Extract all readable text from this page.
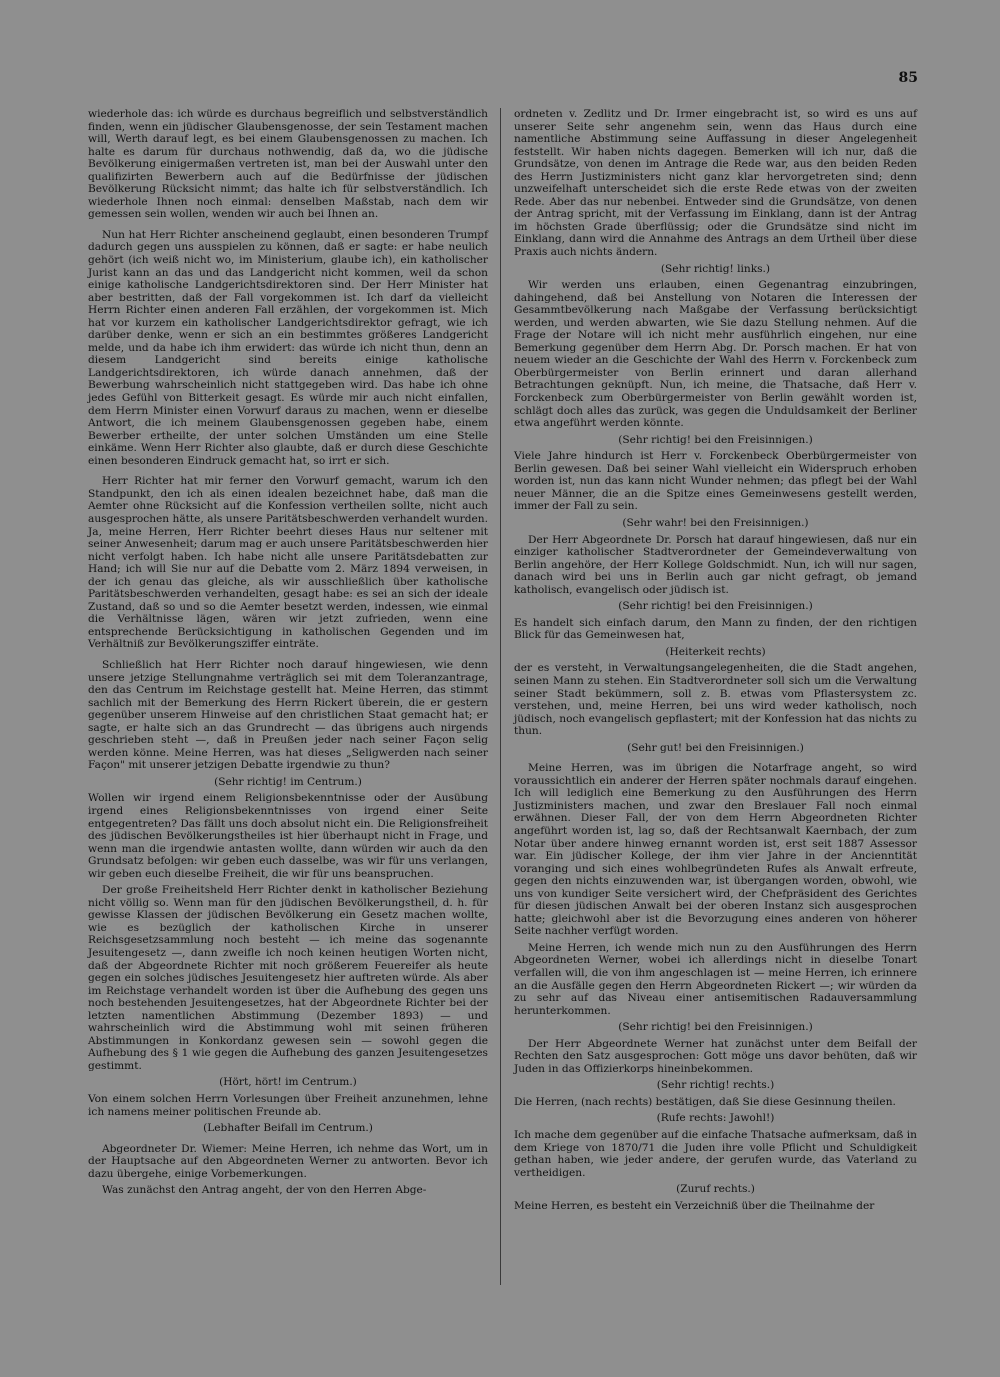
85

wiederhole das: ich würde es durchaus begreiflich und selbstverständlich finden, wenn ein jüdischer Glaubensgenosse, der sein Testament machen will, Werth darauf legt, es bei einem Glaubensgenossen zu machen. Ich halte es darum für durchaus nothwendig, daß da, wo die jüdische Bevölkerung einigermaßen vertreten ist, man bei der Auswahl unter den qualifizirten Bewerbern auch auf die Bedürfnisse der jüdischen Bevölkerung Rücksicht nimmt; das halte ich für selbstverständlich. Ich wiederhole Ihnen noch einmal: denselben Maßstab, nach dem wir gemessen sein wollen, wenden wir auch bei Ihnen an.

Nun hat Herr Richter anscheinend geglaubt, einen besonderen Trumpf dadurch gegen uns ausspielen zu können, daß er sagte: er habe neulich gehört (ich weiß nicht wo, im Ministerium, glaube ich), ein katholischer Jurist kann an das und das Landgericht nicht kommen, weil da schon einige katholische Landgerichtsdirektoren sind. Der Herr Minister hat aber bestritten, daß der Fall vorgekommen ist. Ich darf da vielleicht Herrn Richter einen anderen Fall erzählen, der vorgekommen ist. Mich hat vor kurzem ein katholischer Landgerichtsdirektor gefragt, wie ich darüber denke, wenn er sich an ein bestimmtes größeres Landgericht melde, und da habe ich ihm erwidert: das würde ich nicht thun, denn an diesem Landgericht sind bereits einige katholische Landgerichtsdirektoren, ich würde danach annehmen, daß der Bewerbung wahrscheinlich nicht stattgegeben wird. Das habe ich ohne jedes Gefühl von Bitterkeit gesagt. Es würde mir auch nicht einfallen, dem Herrn Minister einen Vorwurf daraus zu machen, wenn er dieselbe Antwort, die ich meinem Glaubensgenossen gegeben habe, einem Bewerber ertheilte, der unter solchen Umständen um eine Stelle einkäme. Wenn Herr Richter also glaubte, daß er durch diese Geschichte einen besonderen Eindruck gemacht hat, so irrt er sich.

Herr Richter hat mir ferner den Vorwurf gemacht, warum ich den Standpunkt, den ich als einen idealen bezeichnet habe, daß man die Aemter ohne Rücksicht auf die Konfession vertheilen sollte, nicht auch ausgesprochen hätte, als unsere Paritätsbeschwerden verhandelt wurden. Ja, meine Herren, Herr Richter beehrt dieses Haus nur seltener mit seiner Anwesenheit; darum mag er auch unsere Paritätsbeschwerden hier nicht verfolgt haben. Ich habe nicht alle unsere Paritätsdebatten zur Hand; ich will Sie nur auf die Debatte vom 2. März 1894 verweisen, in der ich genau das gleiche, als wir ausschließlich über katholische Paritätsbeschwerden verhandelten, gesagt habe: es sei an sich der ideale Zustand, daß so und so die Aemter besetzt werden, indessen, wie einmal die Verhältnisse lägen, wären wir jetzt zufrieden, wenn eine entsprechende Berücksichtigung in katholischen Gegenden und im Verhältniß zur Bevölkerungsziffer einträte.

Schließlich hat Herr Richter noch darauf hingewiesen, wie denn unsere jetzige Stellungnahme verträglich sei mit dem Toleranzantrage, den das Centrum im Reichstage gestellt hat. Meine Herren, das stimmt sachlich mit der Bemerkung des Herrn Rickert überein, die er gestern gegenüber unserem Hinweise auf den christlichen Staat gemacht hat; er sagte, er halte sich an das Grundrecht — das übrigens auch nirgends geschrieben steht —, daß in Preußen jeder nach seiner Façon selig werden könne. Meine Herren, was hat dieses „Seligwerden nach seiner Façon" mit unserer jetzigen Debatte irgendwie zu thun?

(Sehr richtig! im Centrum.)

Wollen wir irgend einem Religionsbekenntnisse oder der Ausübung irgend eines Religionsbekenntnisses von irgend einer Seite entgegentreten? Das fällt uns doch absolut nicht ein. Die Religionsfreiheit des jüdischen Bevölkerungstheiles ist hier überhaupt nicht in Frage, und wenn man die irgendwie antasten wollte, dann würden wir auch da den Grundsatz befolgen: wir geben euch dasselbe, was wir für uns verlangen, wir geben euch dieselbe Freiheit, die wir für uns beanspruchen.

Der große Freiheitsheld Herr Richter denkt in katholischer Beziehung nicht völlig so. Wenn man für den jüdischen Bevölkerungstheil, d. h. für gewisse Klassen der jüdischen Bevölkerung ein Gesetz machen wollte, wie es bezüglich der katholischen Kirche in unserer Reichsgesetzsammlung noch besteht — ich meine das sogenannte Jesuitengesetz —, dann zweifle ich noch keinen heutigen Worten nicht, daß der Abgeordnete Richter mit noch größerem Feuereifer als heute gegen ein solches jüdisches Jesuitengesetz hier auftreten würde. Als aber im Reichstage verhandelt worden ist über die Aufhebung des gegen uns noch bestehenden Jesuitengesetzes, hat der Abgeordnete Richter bei der letzten namentlichen Abstimmung (Dezember 1893) — und wahrscheinlich wird die Abstimmung wohl mit seinen früheren Abstimmungen in Konkordanz gewesen sein — sowohl gegen die Aufhebung des § 1 wie gegen die Aufhebung des ganzen Jesuitengesetzes gestimmt.

(Hört, hört! im Centrum.)

Von einem solchen Herrn Vorlesungen über Freiheit anzunehmen, lehne ich namens meiner politischen Freunde ab.

(Lebhafter Beifall im Centrum.)

Abgeordneter Dr. Wiemer: Meine Herren, ich nehme das Wort, um in der Hauptsache auf den Abgeordneten Werner zu antworten. Bevor ich dazu übergehe, einige Vorbemerkungen.

Was zunächst den Antrag angeht, der von den Herren Abge-

ordneten v. Zedlitz und Dr. Irmer eingebracht ist, so wird es uns auf unserer Seite sehr angenehm sein, wenn das Haus durch eine namentliche Abstimmung seine Auffassung in dieser Angelegenheit feststellt. Wir haben nichts dagegen. Bemerken will ich nur, daß die Grundsätze, von denen im Antrage die Rede war, aus den beiden Reden des Herrn Justizministers nicht ganz klar hervorgetreten sind; denn unzweifelhaft unterscheidet sich die erste Rede etwas von der zweiten Rede. Aber das nur nebenbei. Entweder sind die Grundsätze, von denen der Antrag spricht, mit der Verfassung im Einklang, dann ist der Antrag im höchsten Grade überflüssig; oder die Grundsätze sind nicht im Einklang, dann wird die Annahme des Antrags an dem Urtheil über diese Praxis auch nichts ändern.

(Sehr richtig! links.)

Wir werden uns erlauben, einen Gegenantrag einzubringen, dahingehend, daß bei Anstellung von Notaren die Interessen der Gesammtbevölkerung nach Maßgabe der Verfassung berücksichtigt werden, und werden abwarten, wie Sie dazu Stellung nehmen. Auf die Frage der Notare will ich nicht mehr ausführlich eingehen, nur eine Bemerkung gegenüber dem Herrn Abg. Dr. Porsch machen. Er hat von neuem wieder an die Geschichte der Wahl des Herrn v. Forckenbeck zum Oberbürgermeister von Berlin erinnert und daran allerhand Betrachtungen geknüpft. Nun, ich meine, die Thatsache, daß Herr v. Forckenbeck zum Oberbürgermeister von Berlin gewählt worden ist, schlägt doch alles das zurück, was gegen die Unduldsamkeit der Berliner etwa angeführt werden könnte.

(Sehr richtig! bei den Freisinnigen.)

Viele Jahre hindurch ist Herr v. Forckenbeck Oberbürgermeister von Berlin gewesen. Daß bei seiner Wahl vielleicht ein Widerspruch erhoben worden ist, nun das kann nicht Wunder nehmen; das pflegt bei der Wahl neuer Männer, die an die Spitze eines Gemeinwesens gestellt werden, immer der Fall zu sein.

(Sehr wahr! bei den Freisinnigen.)

Der Herr Abgeordnete Dr. Porsch hat darauf hingewiesen, daß nur ein einziger katholischer Stadtverordneter der Gemeindeverwaltung von Berlin angehöre, der Herr Kollege Goldschmidt. Nun, ich will nur sagen, danach wird bei uns in Berlin auch gar nicht gefragt, ob jemand katholisch, evangelisch oder jüdisch ist.

(Sehr richtig! bei den Freisinnigen.)

Es handelt sich einfach darum, den Mann zu finden, der den richtigen Blick für das Gemeinwesen hat,

(Heiterkeit rechts)

der es versteht, in Verwaltungsangelegenheiten, die die Stadt angehen, seinen Mann zu stehen. Ein Stadtverordneter soll sich um die Verwaltung seiner Stadt bekümmern, soll z. B. etwas vom Pflastersystem zc. verstehen, und, meine Herren, bei uns wird weder katholisch, noch jüdisch, noch evangelisch gepflastert; mit der Konfession hat das nichts zu thun.

(Sehr gut! bei den Freisinnigen.)

Meine Herren, was im übrigen die Notarfrage angeht, so wird voraussichtlich ein anderer der Herren später nochmals darauf eingehen. Ich will lediglich eine Bemerkung zu den Ausführungen des Herrn Justizministers machen, und zwar den Breslauer Fall noch einmal erwähnen. Dieser Fall, der von dem Herrn Abgeordneten Richter angeführt worden ist, lag so, daß der Rechtsanwalt Kaernbach, der zum Notar über andere hinweg ernannt worden ist, erst seit 1887 Assessor war. Ein jüdischer Kollege, der ihm vier Jahre in der Ancienntität voranging und sich eines wohlbegründeten Rufes als Anwalt erfreute, gegen den nichts einzuwenden war, ist übergangen worden, obwohl, wie uns von kundiger Seite versichert wird, der Chefpräsident des Gerichtes für diesen jüdischen Anwalt bei der oberen Instanz sich ausgesprochen hatte; gleichwohl aber ist die Bevorzugung eines anderen von höherer Seite nachher verfügt worden.

Meine Herren, ich wende mich nun zu den Ausführungen des Herrn Abgeordneten Werner, wobei ich allerdings nicht in dieselbe Tonart verfallen will, die von ihm angeschlagen ist — meine Herren, ich erinnere an die Ausfälle gegen den Herrn Abgeordneten Rickert —; wir würden da zu sehr auf das Niveau einer antisemitischen Radauversammlung herunterkommen.

(Sehr richtig! bei den Freisinnigen.)

Der Herr Abgeordnete Werner hat zunächst unter dem Beifall der Rechten den Satz ausgesprochen: Gott möge uns davor behüten, daß wir Juden in das Offizierkorps hineinbekommen.

(Sehr richtig! rechts.)

Die Herren, (nach rechts) bestätigen, daß Sie diese Gesinnung theilen.

(Rufe rechts: Jawohl!)

Ich mache dem gegenüber auf die einfache Thatsache aufmerksam, daß in dem Kriege von 1870/71 die Juden ihre volle Pflicht und Schuldigkeit gethan haben, wie jeder andere, der gerufen wurde, das Vaterland zu vertheidigen.

(Zuruf rechts.)

Meine Herren, es besteht ein Verzeichniß über die Theilnahme der
